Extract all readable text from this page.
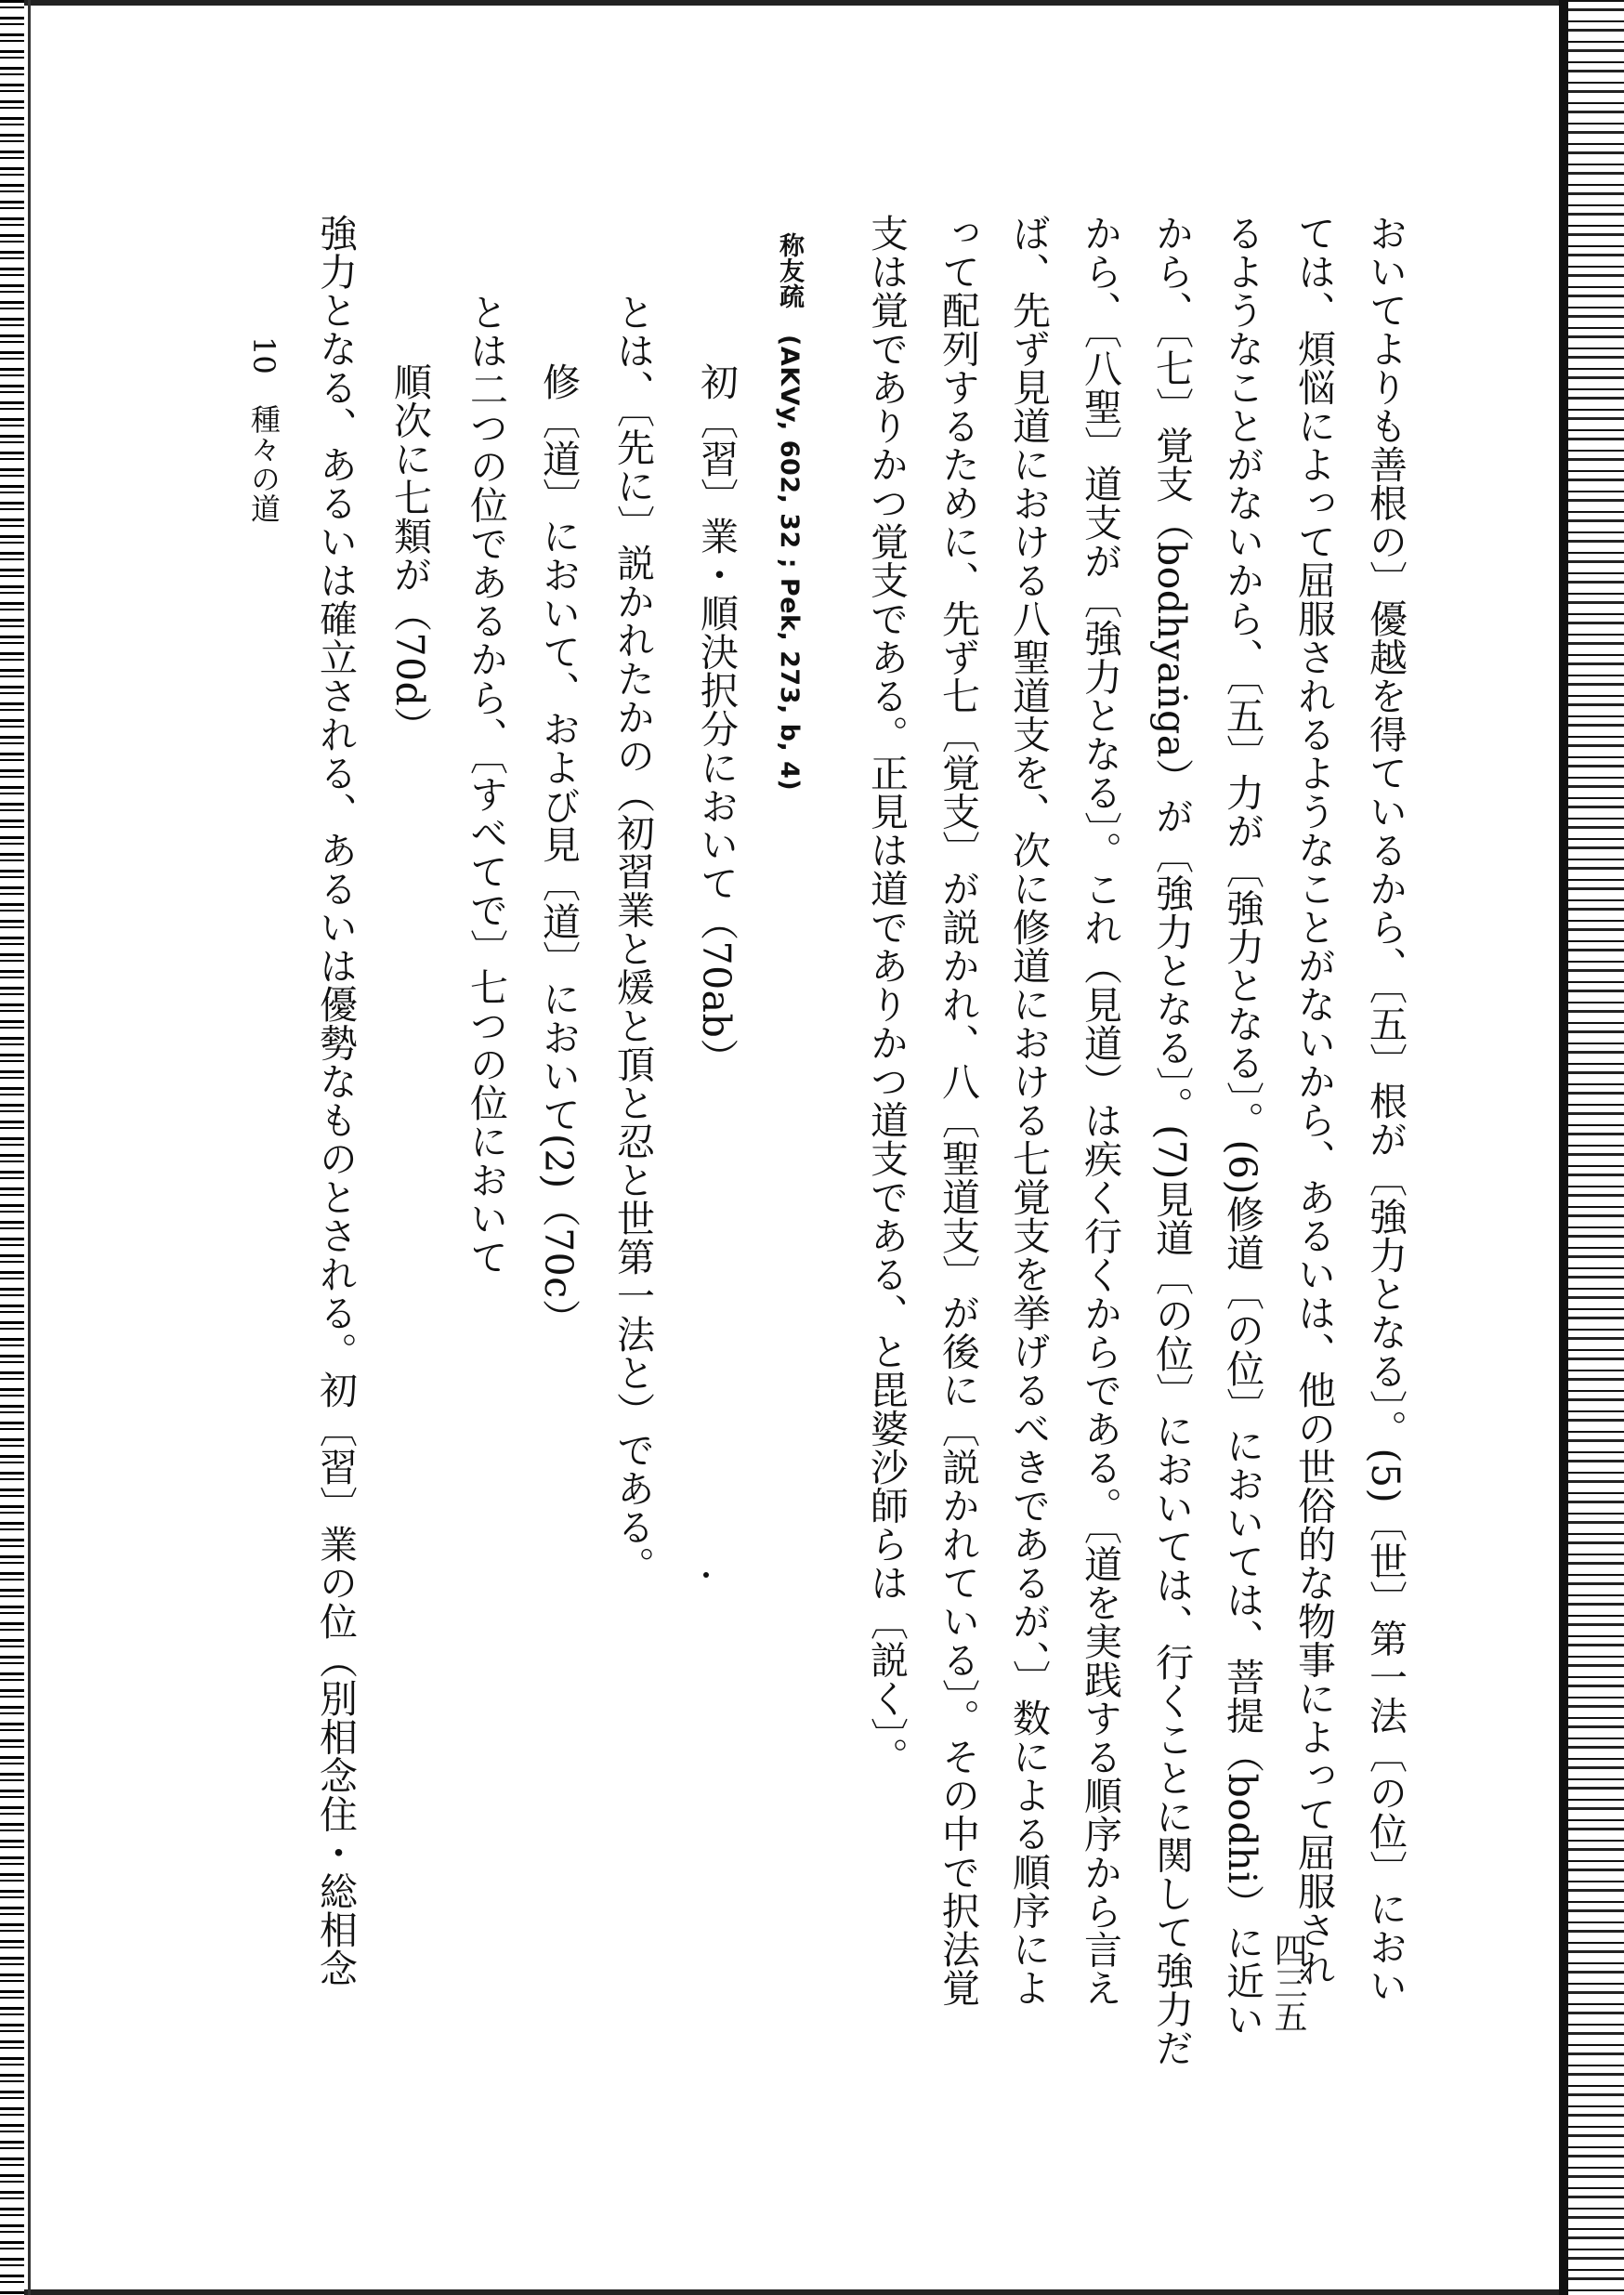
おいてよりも善根の〕優越を得ているから、〔五〕根が〔強力となる〕。(5)〔世〕第一法〔の位〕におい
ては、煩悩によって屈服されるようなことがないから、あるいは、他の世俗的な物事によって屈服され
るようなことがないから、〔五〕力が〔強力となる〕。(6)修道〔の位〕においては、菩提（bodhi）に近い
から、〔七〕覚支（bodhyaṅga）が〔強力となる〕。(7)見道〔の位〕においては、行くことに関して強力だ
から、〔八聖〕道支が〔強力となる〕。これ（見道）は疾く行くからである。〔道を実践する順序から言え
ば、先ず見道における八聖道支を、次に修道における七覚支を挙げるべきであるが、〕数による順序によ
って配列するために、先ず七〔覚支〕が説かれ、八〔聖道支〕が後に〔説かれている〕。その中で択法覚
支は覚でありかつ覚支である。正見は道でありかつ道支である、と毘婆沙師らは〔説く〕。
称友疏　(AKVy, 602, 32 ; Pek, 273, b, 4)
初〔習〕業・順決択分において（70ab）
とは、〔先に〕説かれたかの（初習業と煖と頂と忍と世第一法と）である。
修〔道〕において、および見〔道〕において(2)（70c）
とは二つの位であるから、〔すべてで〕七つの位において
順次に七類が（70d）
強力となる、あるいは確立される、あるいは優勢なものとされる。初〔習〕業の位（別相念住・総相念
10　種々の道
四三五
